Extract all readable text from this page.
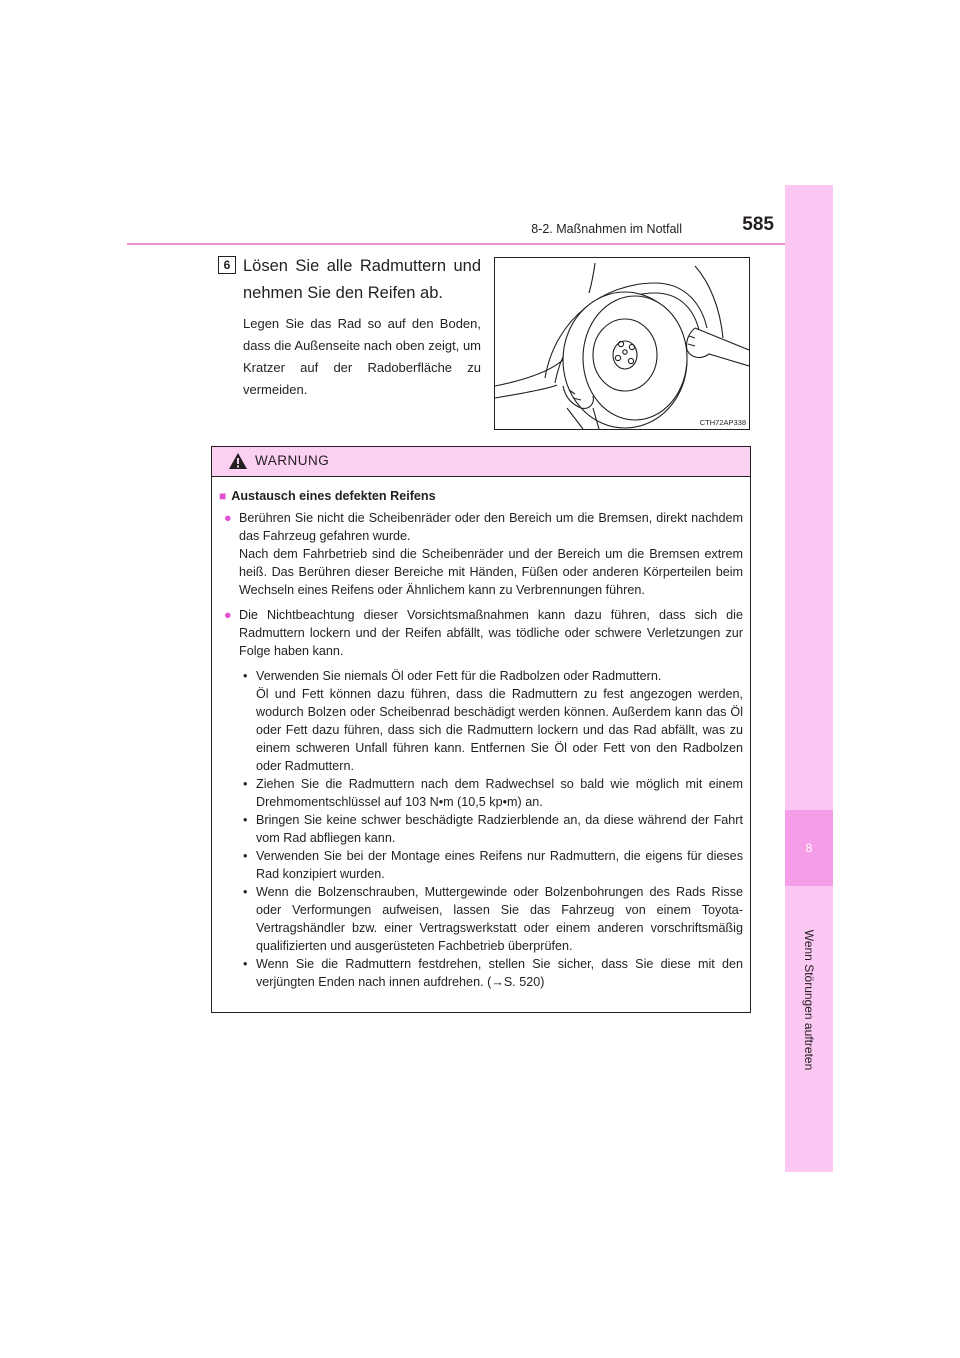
8-2. Maßnahmen im Notfall	585
8
Wenn Störungen auftreten
6 Lösen Sie alle Radmuttern und nehmen Sie den Reifen ab.
Legen Sie das Rad so auf den Boden, dass die Außenseite nach oben zeigt, um Kratzer auf der Radoberfläche zu vermeiden.
CTH72AP338
WARNUNG
■ Austausch eines defekten Reifens
● Berühren Sie nicht die Scheibenräder oder den Bereich um die Bremsen, direkt nachdem das Fahrzeug gefahren wurde.
Nach dem Fahrbetrieb sind die Scheibenräder und der Bereich um die Bremsen extrem heiß. Das Berühren dieser Bereiche mit Händen, Füßen oder anderen Körperteilen beim Wechseln eines Reifens oder Ähnlichem kann zu Verbrennungen führen.
● Die Nichtbeachtung dieser Vorsichtsmaßnahmen kann dazu führen, dass sich die Radmuttern lockern und der Reifen abfällt, was tödliche oder schwere Verletzungen zur Folge haben kann.
• Verwenden Sie niemals Öl oder Fett für die Radbolzen oder Radmuttern.
Öl und Fett können dazu führen, dass die Radmuttern zu fest angezogen werden, wodurch Bolzen oder Scheibenrad beschädigt werden können. Außerdem kann das Öl oder Fett dazu führen, dass sich die Radmuttern lockern und das Rad abfällt, was zu einem schweren Unfall führen kann. Entfernen Sie Öl oder Fett von den Radbolzen oder Radmuttern.
• Ziehen Sie die Radmuttern nach dem Radwechsel so bald wie möglich mit einem Drehmomentschlüssel auf 103 N•m (10,5 kp•m) an.
• Bringen Sie keine schwer beschädigte Radzierblende an, da diese während der Fahrt vom Rad abfliegen kann.
• Verwenden Sie bei der Montage eines Reifens nur Radmuttern, die eigens für dieses Rad konzipiert wurden.
• Wenn die Bolzenschrauben, Muttergewinde oder Bolzenbohrungen des Rads Risse oder Verformungen aufweisen, lassen Sie das Fahrzeug von einem Toyota-Vertragshändler bzw. einer Vertragswerkstatt oder einem anderen vorschriftsmäßig qualifizierten und ausgerüsteten Fachbetrieb überprüfen.
• Wenn Sie die Radmuttern festdrehen, stellen Sie sicher, dass Sie diese mit den verjüngten Enden nach innen aufdrehen. (→S. 520)
